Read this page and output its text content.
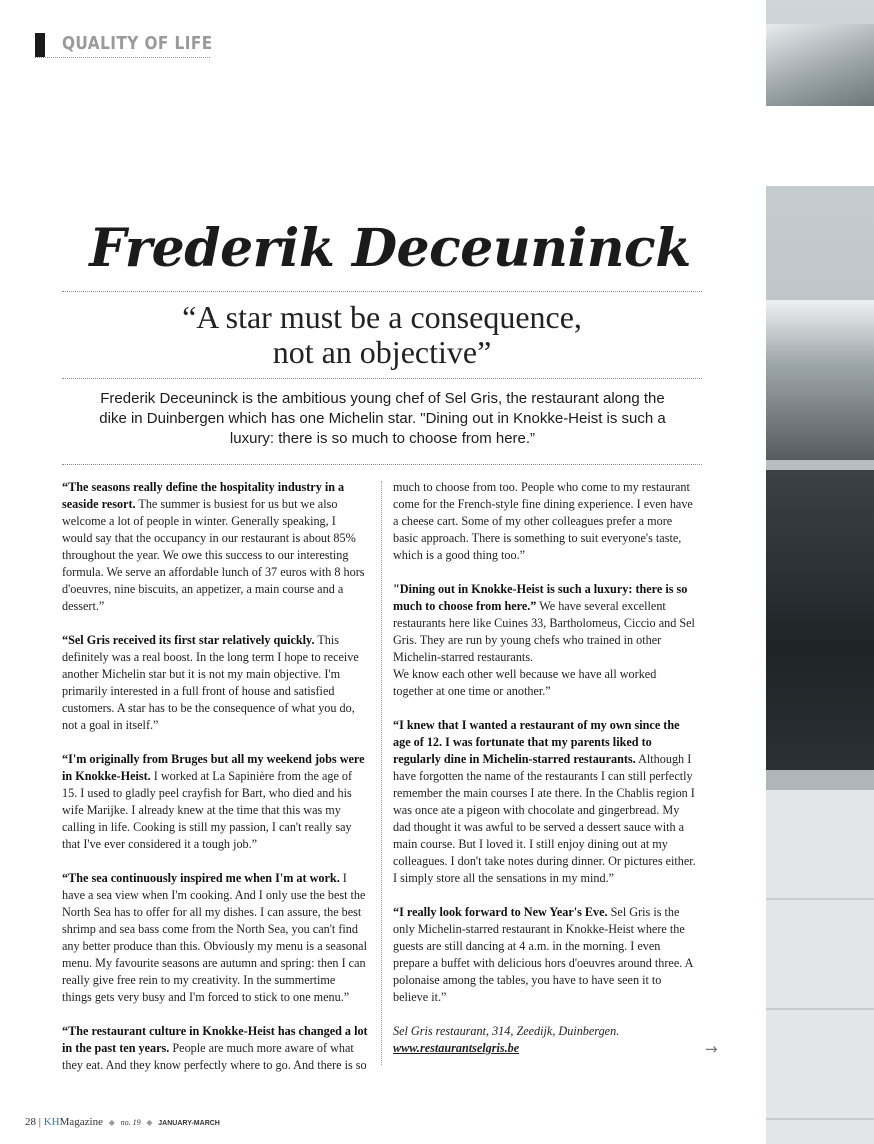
QUALITY OF LIFE
Frederik Deceuninck
“A star must be a consequence,
not an objective”
Frederik Deceuninck is the ambitious young chef of Sel Gris, the restaurant along the dike in Duinbergen which has one Michelin star. "Dining out in Knokke-Heist is such a luxury: there is so much to choose from here.”

“The seasons really define the hospitality industry in a seaside resort. The summer is busiest for us but we also welcome a lot of people in winter. Generally speaking, I would say that the occupancy in our restaurant is about 85% throughout the year. We owe this success to our interesting formula. We serve an affordable lunch of 37 euros with 8 hors d'oeuvres, nine biscuits, an appetizer, a main course and a dessert.”

“Sel Gris received its first star relatively quickly. This definitely was a real boost. In the long term I hope to receive another Michelin star but it is not my main objective. I'm primarily interested in a full front of house and satisfied customers. A star has to be the consequence of what you do, not a goal in itself.”

“I'm originally from Bruges but all my weekend jobs were in Knokke-Heist. I worked at La Sapinière from the age of 15. I used to gladly peel crayfish for Bart, who died and his wife Marijke. I already knew at the time that this was my calling in life. Cooking is still my passion, I can't really say that I've ever considered it a tough job.”

“The sea continuously inspired me when I'm at work. I have a sea view when I'm cooking. And I only use the best the North Sea has to offer for all my dishes. I can assure, the best shrimp and sea bass come from the North Sea, you can't find any better produce than this. Obviously my menu is a seasonal menu. My favourite seasons are autumn and spring: then I can really give free rein to my creativity. In the summertime things gets very busy and I'm forced to stick to one menu.”

“The restaurant culture in Knokke-Heist has changed a lot in the past ten years. People are much more aware of what they eat. And they know perfectly where to go. And there is so

much to choose from too. People who come to my restaurant come for the French-style fine dining experience. I even have a cheese cart. Some of my other colleagues prefer a more basic approach. There is something to suit everyone's taste, which is a good thing too.”

"Dining out in Knokke-Heist is such a luxury: there is so much to choose from here.” We have several excellent restaurants here like Cuines 33, Bartholomeus, Ciccio and Sel Gris. They are run by young chefs who trained in other Michelin-starred restaurants.
We know each other well because we have all worked together at one time or another.”

“I knew that I wanted a restaurant of my own since the age of 12. I was fortunate that my parents liked to regularly dine in Michelin-starred restaurants. Although I have forgotten the name of the restaurants I can still perfectly remember the main courses I ate there. In the Chablis region I was once ate a pigeon with chocolate and gingerbread. My dad thought it was awful to be served a dessert sauce with a main course. But I loved it. I still enjoy dining out at my colleagues. I don't take notes during dinner. Or pictures either. I simply store all the sensations in my mind.”

“I really look forward to New Year's Eve. Sel Gris is the only Michelin-starred restaurant in Knokke-Heist where the guests are still dancing at 4 a.m. in the morning. I even prepare a buffet with delicious hors d'oeuvres around three. A polonaise among the tables, you have to have seen it to believe it.”

Sel Gris restaurant, 314, Zeedijk, Duinbergen.
www.restaurantselgris.be	→
28 | KHMagazine ◆ no. 19 ◆ JANUARY-MARCH
